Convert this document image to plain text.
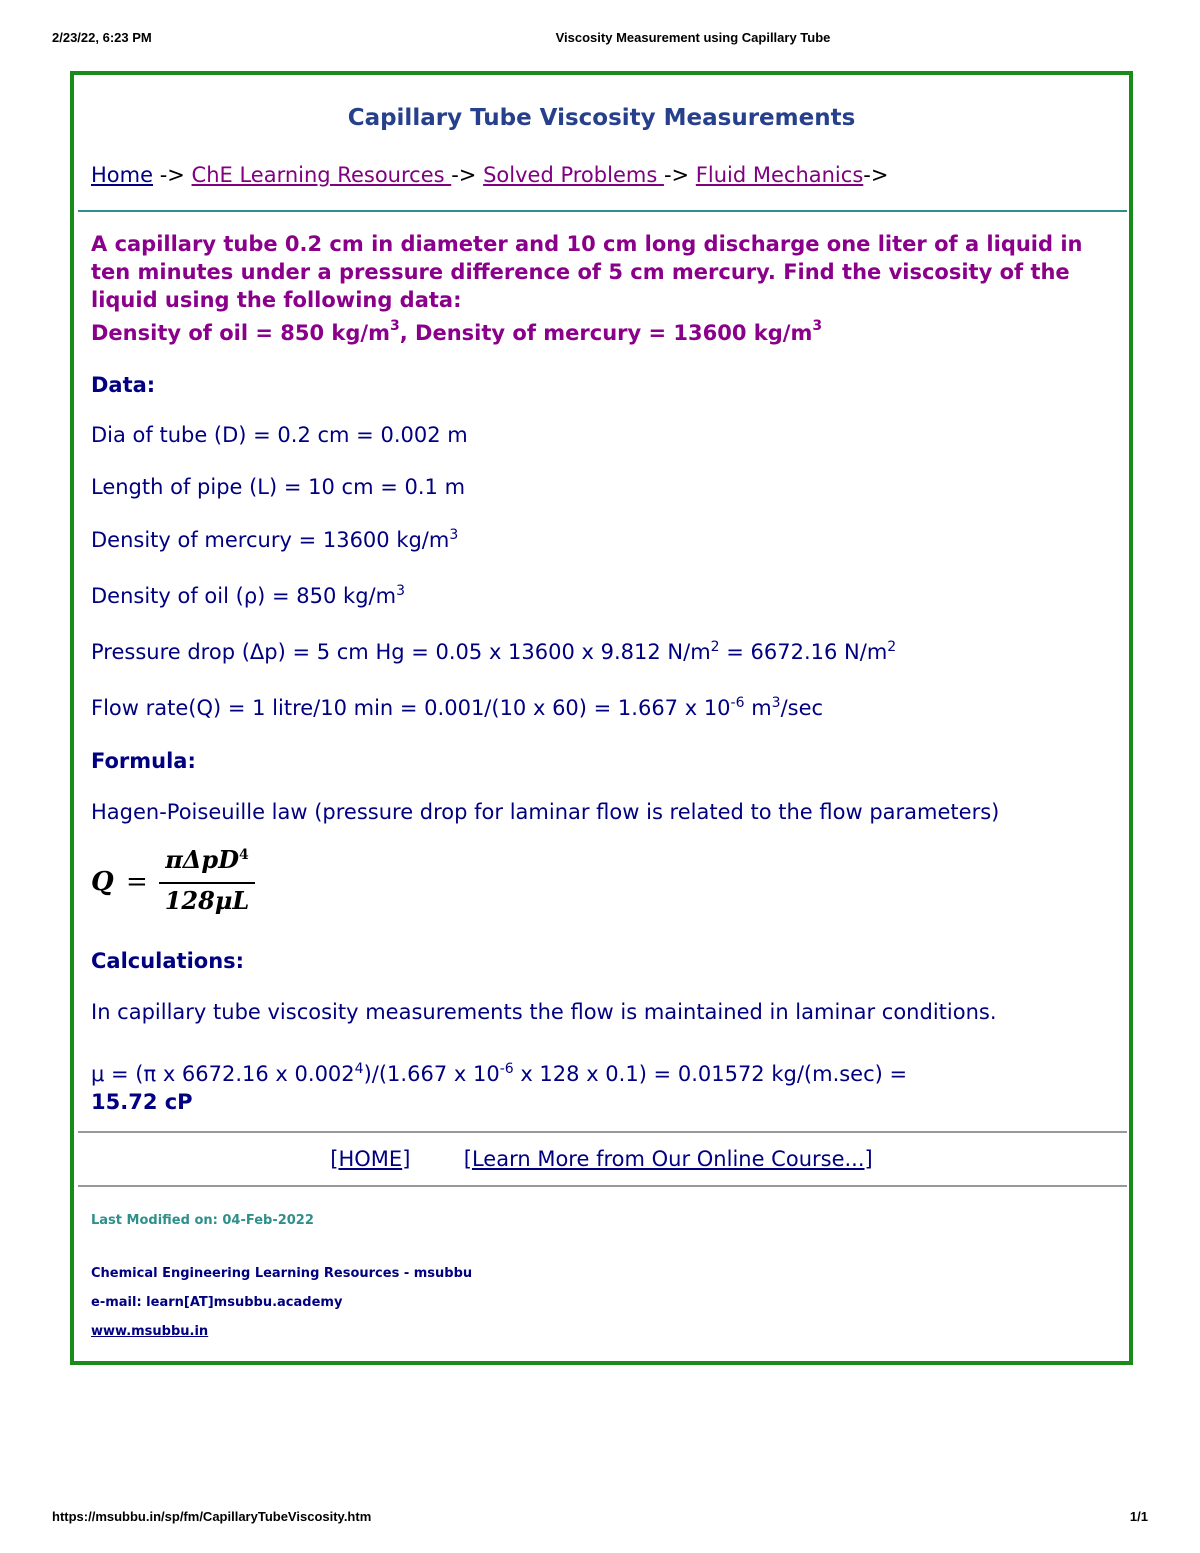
2/23/22, 6:23 PM	Viscosity Measurement using Capillary Tube
Capillary Tube Viscosity Measurements
Home -> ChE Learning Resources -> Solved Problems -> Fluid Mechanics->
A capillary tube 0.2 cm in diameter and 10 cm long discharge one liter of a liquid in ten minutes under a pressure difference of 5 cm mercury. Find the viscosity of the liquid using the following data:
Density of oil = 850 $kg/m^3$, Density of mercury = 13600 $kg/m^3$
Data:
Dia of tube (D) = 0.2 cm = 0.002 m
Length of pipe (L) = 10 cm = 0.1 m
Density of mercury = 13600 $kg/m^3$
Density of oil (ρ) = 850 $kg/m^3$
Pressure drop (Δp) = 5 cm Hg = 0.05 x 13600 x 9.812 $N/m^2 = 6672.16$ $N/m^2$
Flow rate(Q) = 1 litre/10 min = 0.001/(10 x 60) = 1.667 x $10^{-6}$ $m^3/\sec$
Formula:
Hagen-Poiseuille law (pressure drop for laminar flow is related to the flow parameters)
Q =
πΔpD$^4$
128μL
Calculations:
In capillary tube viscosity measurements the flow is maintained in laminar conditions.
μ = (π x 6672.16 x 0.002$^4$)/(1.667 x $10^{-6}$ x 128 x 0.1) = 0.01572 kg/(m.sec) =
15.72 cP
[HOME]	[Learn More from Our Online Course...]
Last Modified on: 04-Feb-2022
Chemical Engineering Learning Resources - msubbu
e-mail: learn[AT]msubbu.academy
www.msubbu.in
https://msubbu.in/sp/fm/CapillaryTubeViscosity.htm	1/1
